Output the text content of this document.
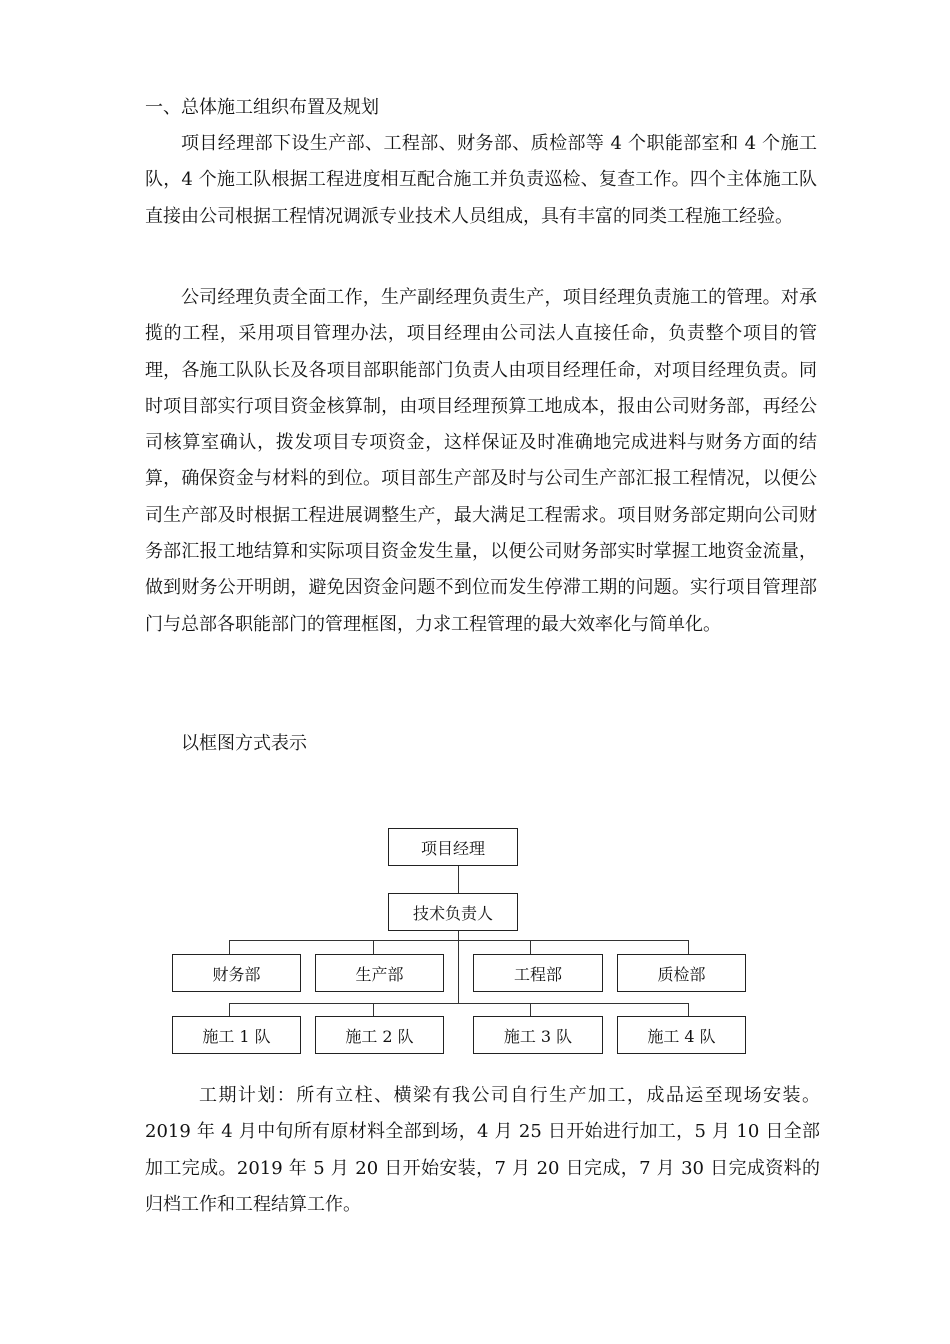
一、总体施工组织布置及规划

项目经理部下设生产部、工程部、财务部、质检部等 4 个职能部室和 4 个施工队，4 个施工队根据工程进度相互配合施工并负责巡检、复查工作。四个主体施工队直接由公司根据工程情况调派专业技术人员组成，具有丰富的同类工程施工经验。

公司经理负责全面工作，生产副经理负责生产，项目经理负责施工的管理。对承揽的工程，采用项目管理办法，项目经理由公司法人直接任命，负责整个项目的管理，各施工队队长及各项目部职能部门负责人由项目经理任命，对项目经理负责。同时项目部实行项目资金核算制，由项目经理预算工地成本，报由公司财务部，再经公司核算室确认，拨发项目专项资金，这样保证及时准确地完成进料与财务方面的结算，确保资金与材料的到位。项目部生产部及时与公司生产部汇报工程情况，以便公司生产部及时根据工程进展调整生产，最大满足工程需求。项目财务部定期向公司财务部汇报工地结算和实际项目资金发生量，以便公司财务部实时掌握工地资金流量，做到财务公开明朗，避免因资金问题不到位而发生停滞工期的问题。实行项目管理部门与总部各职能部门的管理框图，力求工程管理的最大效率化与简单化。

以框图方式表示
项目经理
技术负责人
财务部	生产部	工程部	质检部
施工 1 队	施工 2 队	施工 3 队	施工 4 队

工期计划：所有立柱、横梁有我公司自行生产加工，成品运至现场安装。2019 年 4 月中旬所有原材料全部到场，4 月 25 日开始进行加工，5 月 10 日全部加工完成。2019 年 5 月 20 日开始安装，7 月 20 日完成，7 月 30 日完成资料的归档工作和工程结算工作。
